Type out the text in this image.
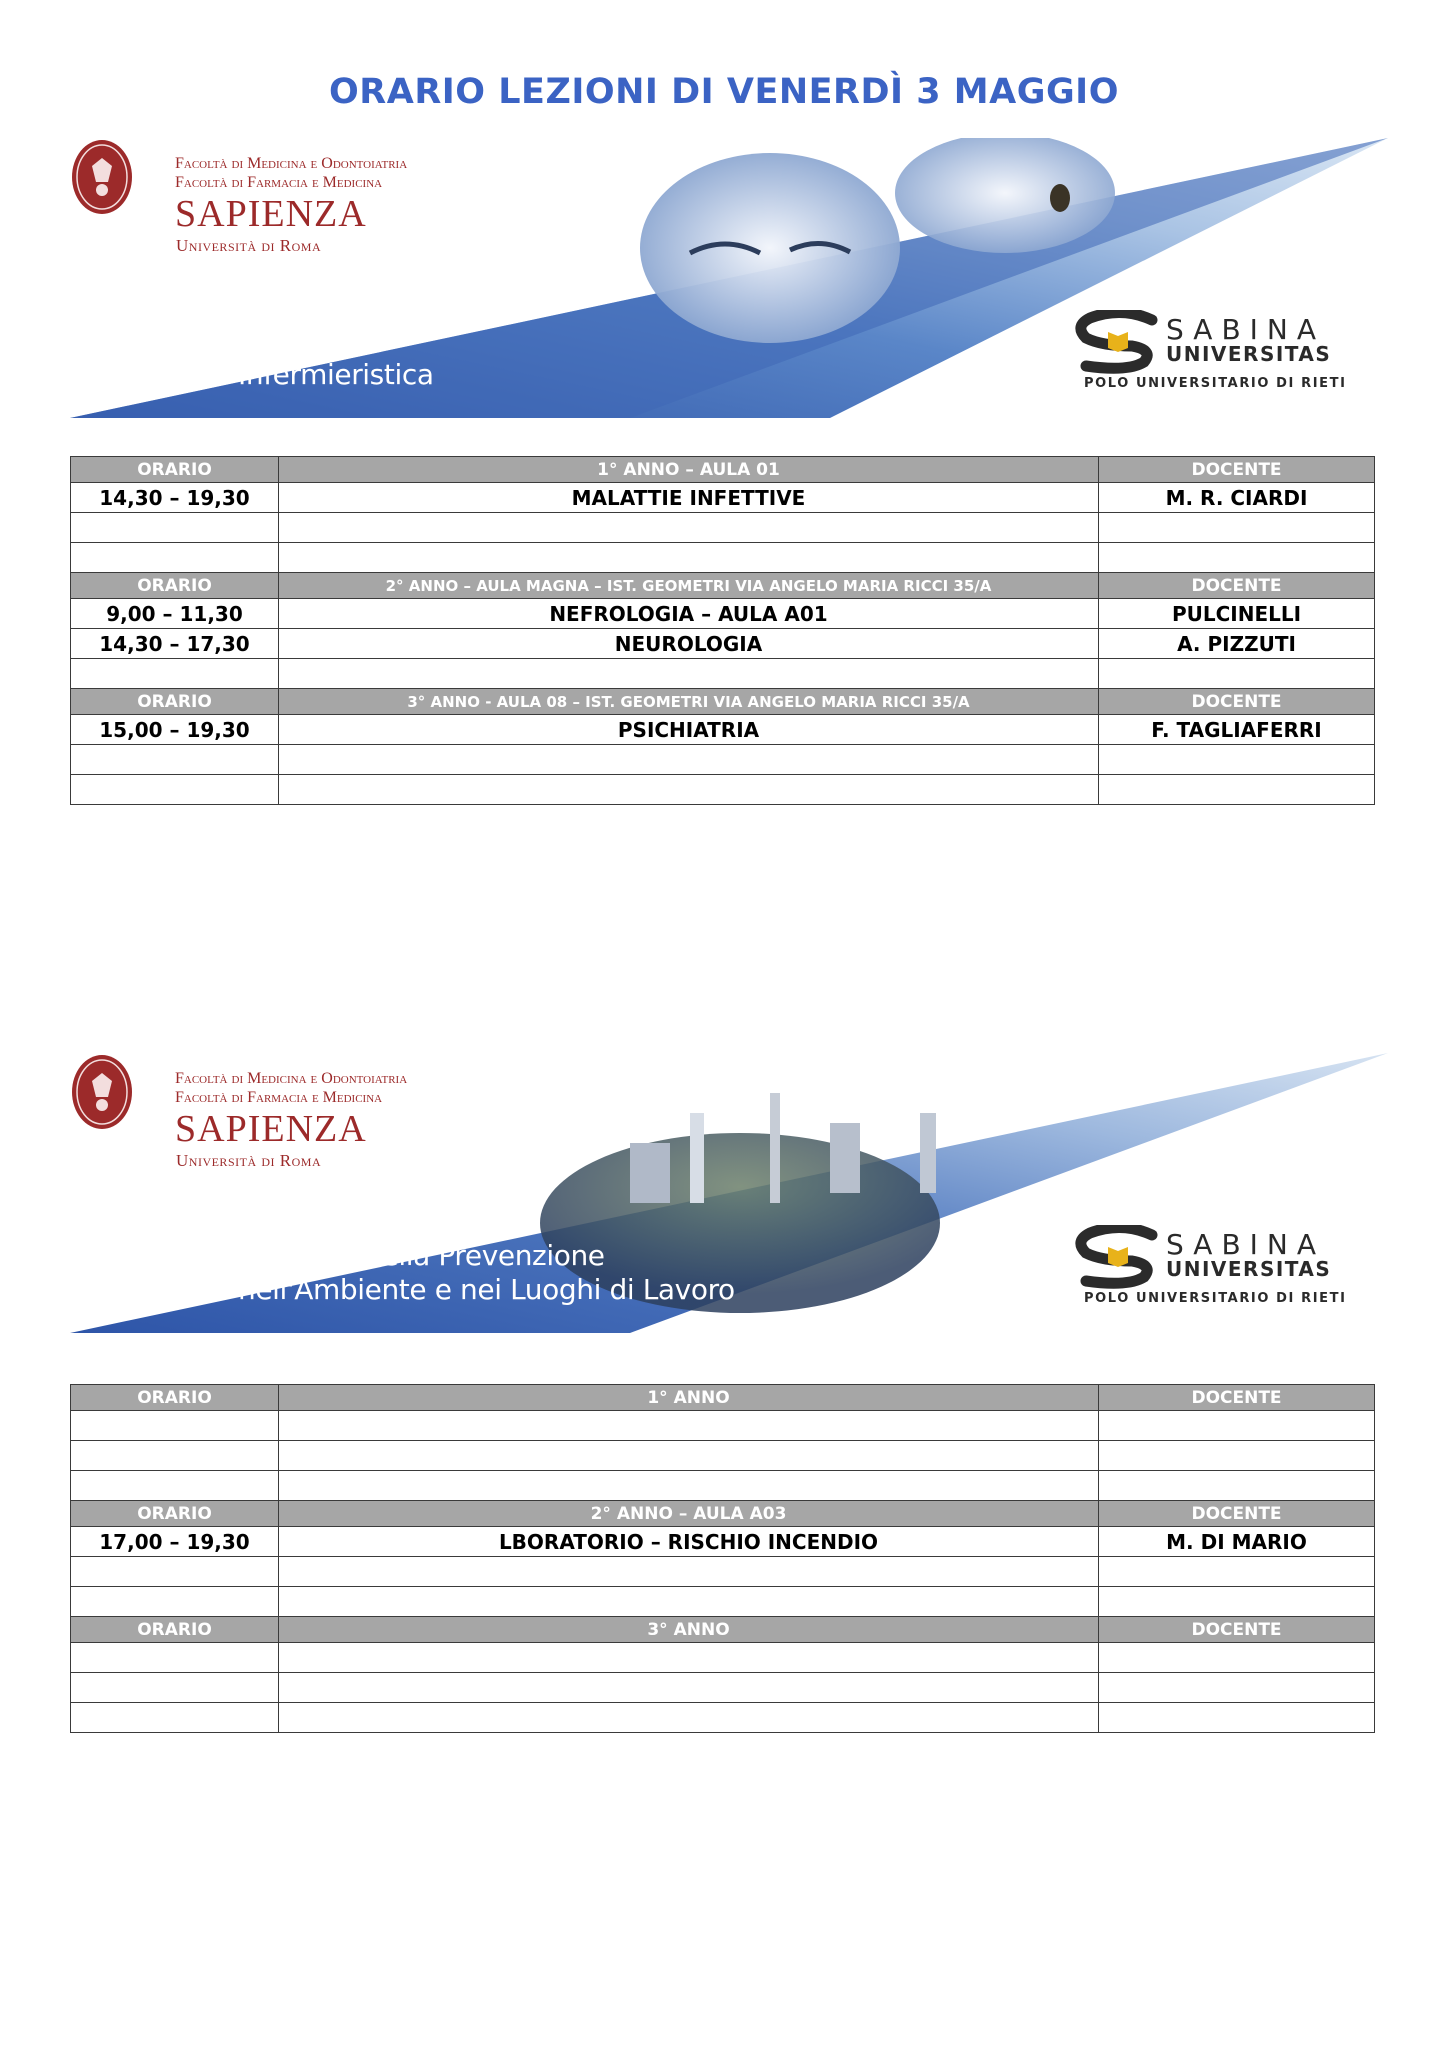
ORARIO LEZIONI DI VENERDÌ 3 MAGGIO
Facoltà di Medicina e Odontoiatria
Facoltà di Farmacia e Medicina
SAPIENZA
Università di Roma
Infermieristica
SABINA
UNIVERSITAS
POLO UNIVERSITARIO DI RIETI
ORARIO	1° ANNO – AULA 01	DOCENTE
14,30 – 19,30	MALATTIE INFETTIVE	M. R. CIARDI

ORARIO	2° ANNO – AULA MAGNA – IST. GEOMETRI VIA ANGELO MARIA RICCI 35/A	DOCENTE
9,00 – 11,30	NEFROLOGIA – AULA A01	PULCINELLI
14,30 – 17,30	NEUROLOGIA	A. PIZZUTI

ORARIO	3° ANNO - AULA 08 – IST. GEOMETRI VIA ANGELO MARIA RICCI 35/A	DOCENTE
15,00 – 19,30	PSICHIATRIA	F. TAGLIAFERRI

Facoltà di Medicina e Odontoiatria
Facoltà di Farmacia e Medicina
SAPIENZA
Università di Roma
Tecniche della Prevenzione
nell'Ambiente e nei Luoghi di Lavoro
SABINA
UNIVERSITAS
POLO UNIVERSITARIO DI RIETI
ORARIO	1° ANNO	DOCENTE

ORARIO	2° ANNO – AULA A03	DOCENTE
17,00 – 19,30	LBORATORIO – RISCHIO INCENDIO	M. DI MARIO

ORARIO	3° ANNO	DOCENTE
